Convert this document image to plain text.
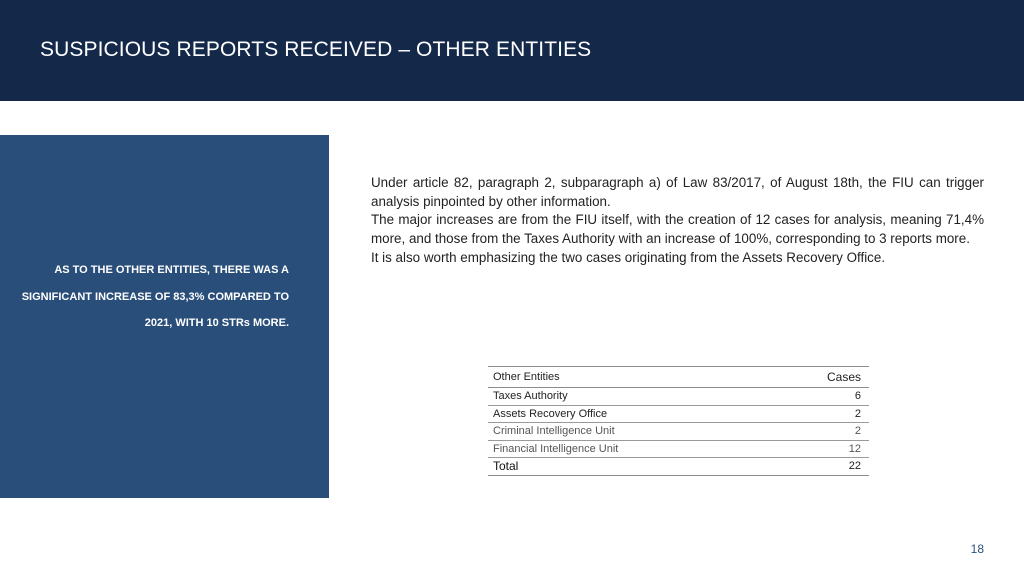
SUSPICIOUS REPORTS RECEIVED – OTHER ENTITIES
AS TO THE OTHER ENTITIES, THERE WAS A SIGNIFICANT INCREASE OF 83,3% COMPARED TO 2021, WITH 10 STRs MORE.

Under article 82, paragraph 2, subparagraph a) of Law 83/2017, of August 18th, the FIU can trigger analysis pinpointed by other information.

The major increases are from the FIU itself, with the creation of 12 cases for analysis, meaning 71,4% more, and those from the Taxes Authority with an increase of 100%, corresponding to 3 reports more.

It is also worth emphasizing the two cases originating from the Assets Recovery Office.

Other Entities	Cases
Taxes Authority	6
Assets Recovery Office	2
Criminal Intelligence Unit	2
Financial Intelligence Unit	12
Total	22
18
